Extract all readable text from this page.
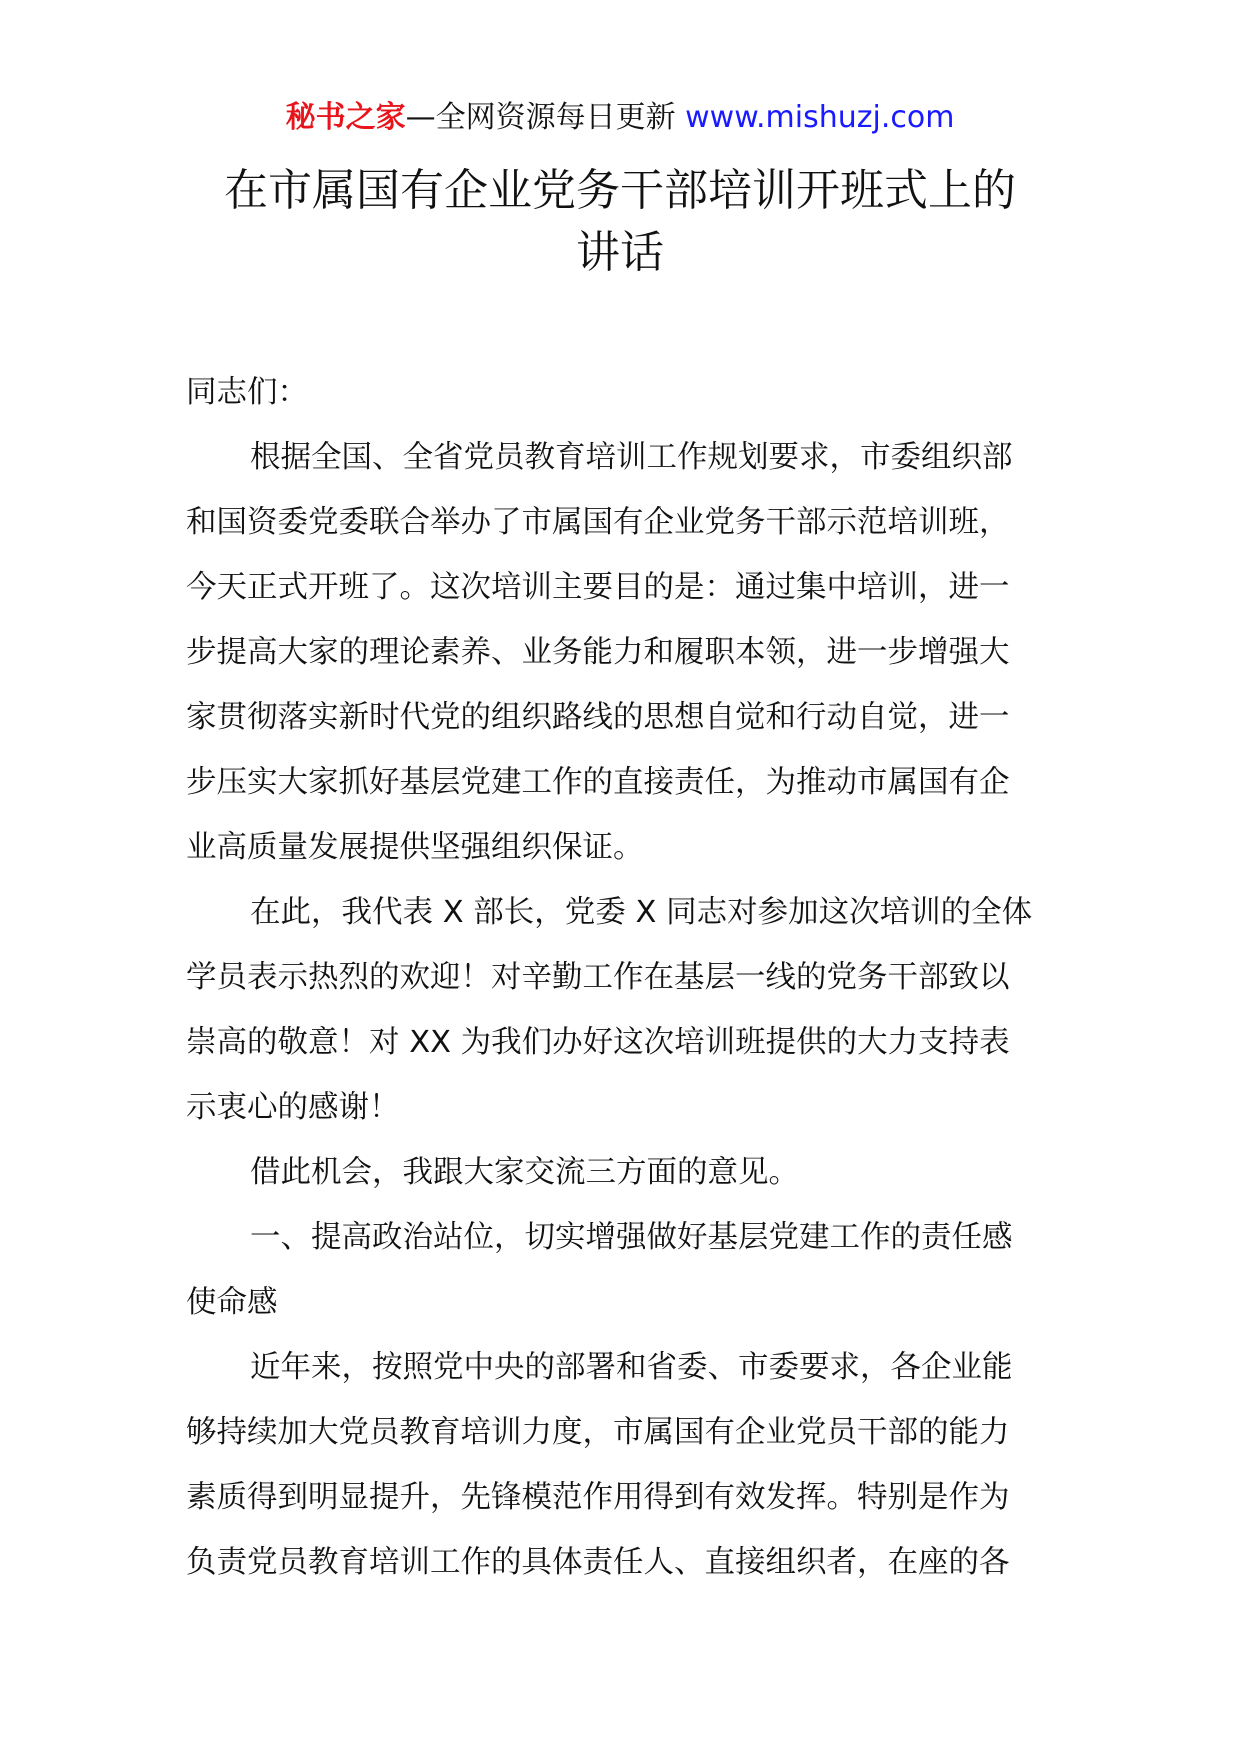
秘书之家—全网资源每日更新 www.mishuzj.com
在市属国有企业党务干部培训开班式上的
讲话
同志们：
根据全国、全省党员教育培训工作规划要求，市委组织部
和国资委党委联合举办了市属国有企业党务干部示范培训班，
今天正式开班了。这次培训主要目的是：通过集中培训，进一
步提高大家的理论素养、业务能力和履职本领，进一步增强大
家贯彻落实新时代党的组织路线的思想自觉和行动自觉，进一
步压实大家抓好基层党建工作的直接责任，为推动市属国有企
业高质量发展提供坚强组织保证。
在此，我代表 X 部长，党委 X 同志对参加这次培训的全体
学员表示热烈的欢迎！对辛勤工作在基层一线的党务干部致以
崇高的敬意！对 XX 为我们办好这次培训班提供的大力支持表
示衷心的感谢！
借此机会，我跟大家交流三方面的意见。
一、提高政治站位，切实增强做好基层党建工作的责任感
使命感
近年来，按照党中央的部署和省委、市委要求，各企业能
够持续加大党员教育培训力度，市属国有企业党员干部的能力
素质得到明显提升，先锋模范作用得到有效发挥。特别是作为
负责党员教育培训工作的具体责任人、直接组织者，在座的各
